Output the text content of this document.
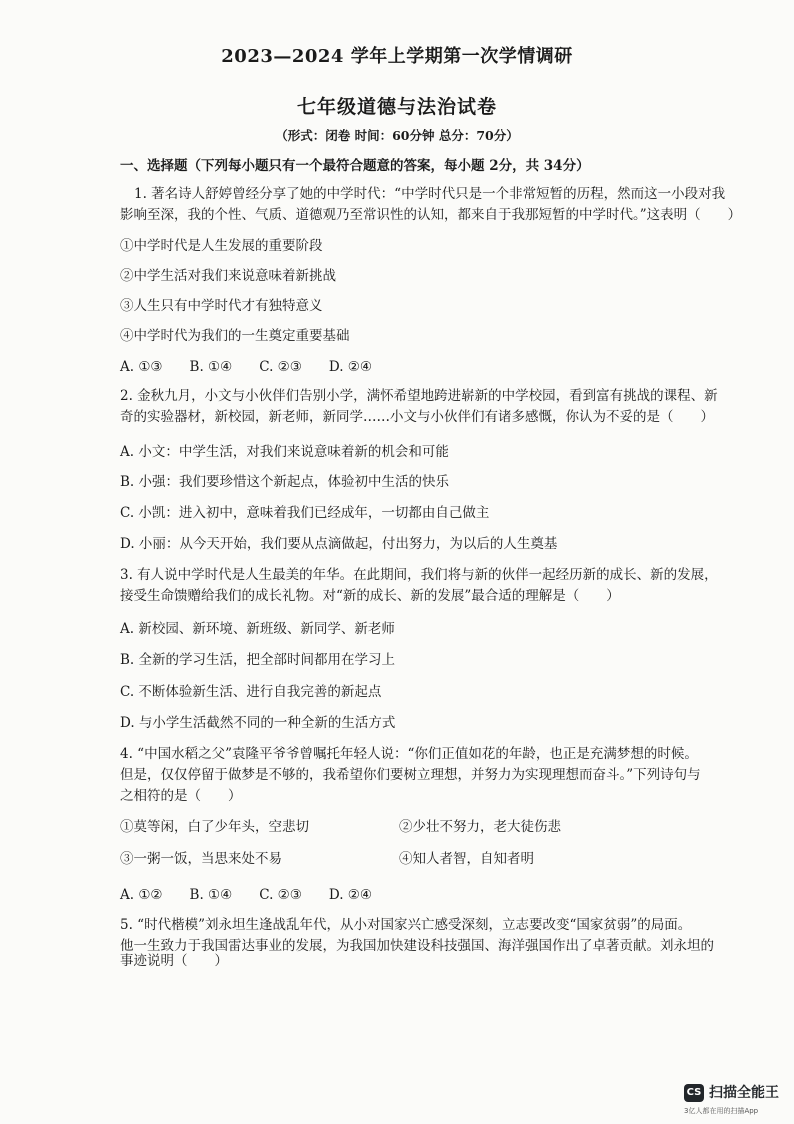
2023—2024 学年上学期第一次学情调研
七年级道德与法治试卷
（形式：闭卷 时间：60分钟 总分：70分）
一、选择题（下列每小题只有一个最符合题意的答案，每小题 2分，共 34分）
1. 著名诗人舒婷曾经分享了她的中学时代：“中学时代只是一个非常短暂的历程，然而这一小段对我
影响至深，我的个性、气质、道德观乃至常识性的认知，都来自于我那短暂的中学时代。”这表明（　　）
①中学时代是人生发展的重要阶段
②中学生活对我们来说意味着新挑战
③人生只有中学时代才有独特意义
④中学时代为我们的一生奠定重要基础
A. ①③　　B. ①④　　C. ②③　　D. ②④
2. 金秋九月，小文与小伙伴们告别小学，满怀希望地跨进崭新的中学校园，看到富有挑战的课程、新
奇的实验器材，新校园，新老师，新同学……小文与小伙伴们有诸多感慨，你认为不妥的是（　　）
A. 小文：中学生活，对我们来说意味着新的机会和可能
B. 小强：我们要珍惜这个新起点，体验初中生活的快乐
C. 小凯：进入初中，意味着我们已经成年，一切都由自己做主
D. 小丽：从今天开始，我们要从点滴做起，付出努力，为以后的人生奠基
3. 有人说中学时代是人生最美的年华。在此期间，我们将与新的伙伴一起经历新的成长、新的发展，
接受生命馈赠给我们的成长礼物。对“新的成长、新的发展”最合适的理解是（　　）
A. 新校园、新环境、新班级、新同学、新老师
B. 全新的学习生活，把全部时间都用在学习上
C. 不断体验新生活、进行自我完善的新起点
D. 与小学生活截然不同的一种全新的生活方式
4. “中国水稻之父”袁隆平爷爷曾嘱托年轻人说：“你们正值如花的年龄，也正是充满梦想的时候。
但是，仅仅停留于做梦是不够的，我希望你们要树立理想，并努力为实现理想而奋斗。”下列诗句与
之相符的是（　　）
①莫等闲，白了少年头，空悲切	②少壮不努力，老大徒伤悲
③一粥一饭，当思来处不易	④知人者智，自知者明
A. ①②　　B. ①④　　C. ②③　　D. ②④
5. “时代楷模”刘永坦生逢战乱年代，从小对国家兴亡感受深刻，立志要改变“国家贫弱”的局面。
他一生致力于我国雷达事业的发展，为我国加快建设科技强国、海洋强国作出了卓著贡献。刘永坦的
事迹说明（　　）
CS 扫描全能王
3亿人都在用的扫描App
